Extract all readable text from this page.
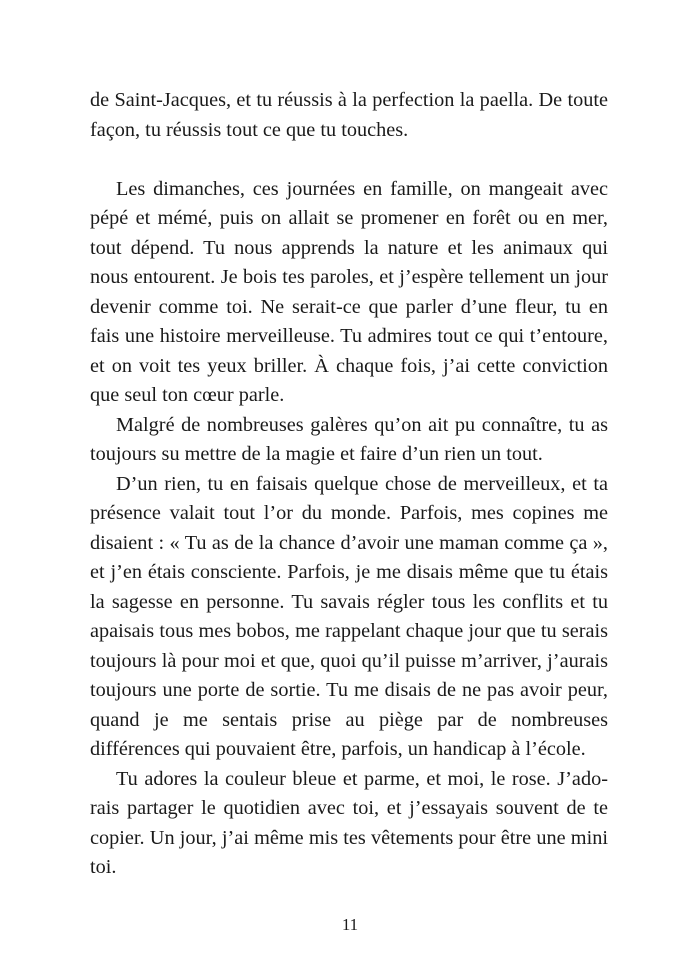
de Saint-Jacques, et tu réussis à la perfection la paella. De toute façon, tu réussis tout ce que tu touches.

Les dimanches, ces journées en famille, on mangeait avec pépé et mémé, puis on allait se promener en forêt ou en mer, tout dépend. Tu nous apprends la nature et les animaux qui nous entourent. Je bois tes paroles, et j’espère tellement un jour devenir comme toi. Ne serait-ce que parler d’une fleur, tu en fais une histoire merveilleuse. Tu admires tout ce qui t’entoure, et on voit tes yeux briller. À chaque fois, j’ai cette conviction que seul ton cœur parle.

Malgré de nombreuses galères qu’on ait pu connaître, tu as toujours su mettre de la magie et faire d’un rien un tout.

D’un rien, tu en faisais quelque chose de merveilleux, et ta présence valait tout l’or du monde. Parfois, mes copines me disaient : « Tu as de la chance d’avoir une maman comme ça », et j’en étais consciente. Parfois, je me disais même que tu étais la sagesse en personne. Tu savais régler tous les conflits et tu apaisais tous mes bobos, me rappelant chaque jour que tu serais toujours là pour moi et que, quoi qu’il puisse m’arriver, j’aurais toujours une porte de sortie. Tu me disais de ne pas avoir peur, quand je me sentais prise au piège par de nombreuses différences qui pouvaient être, parfois, un handicap à l’école.

Tu adores la couleur bleue et parme, et moi, le rose. J’adorais partager le quotidien avec toi, et j’essayais souvent de te copier. Un jour, j’ai même mis tes vêtements pour être une mini toi.

11
